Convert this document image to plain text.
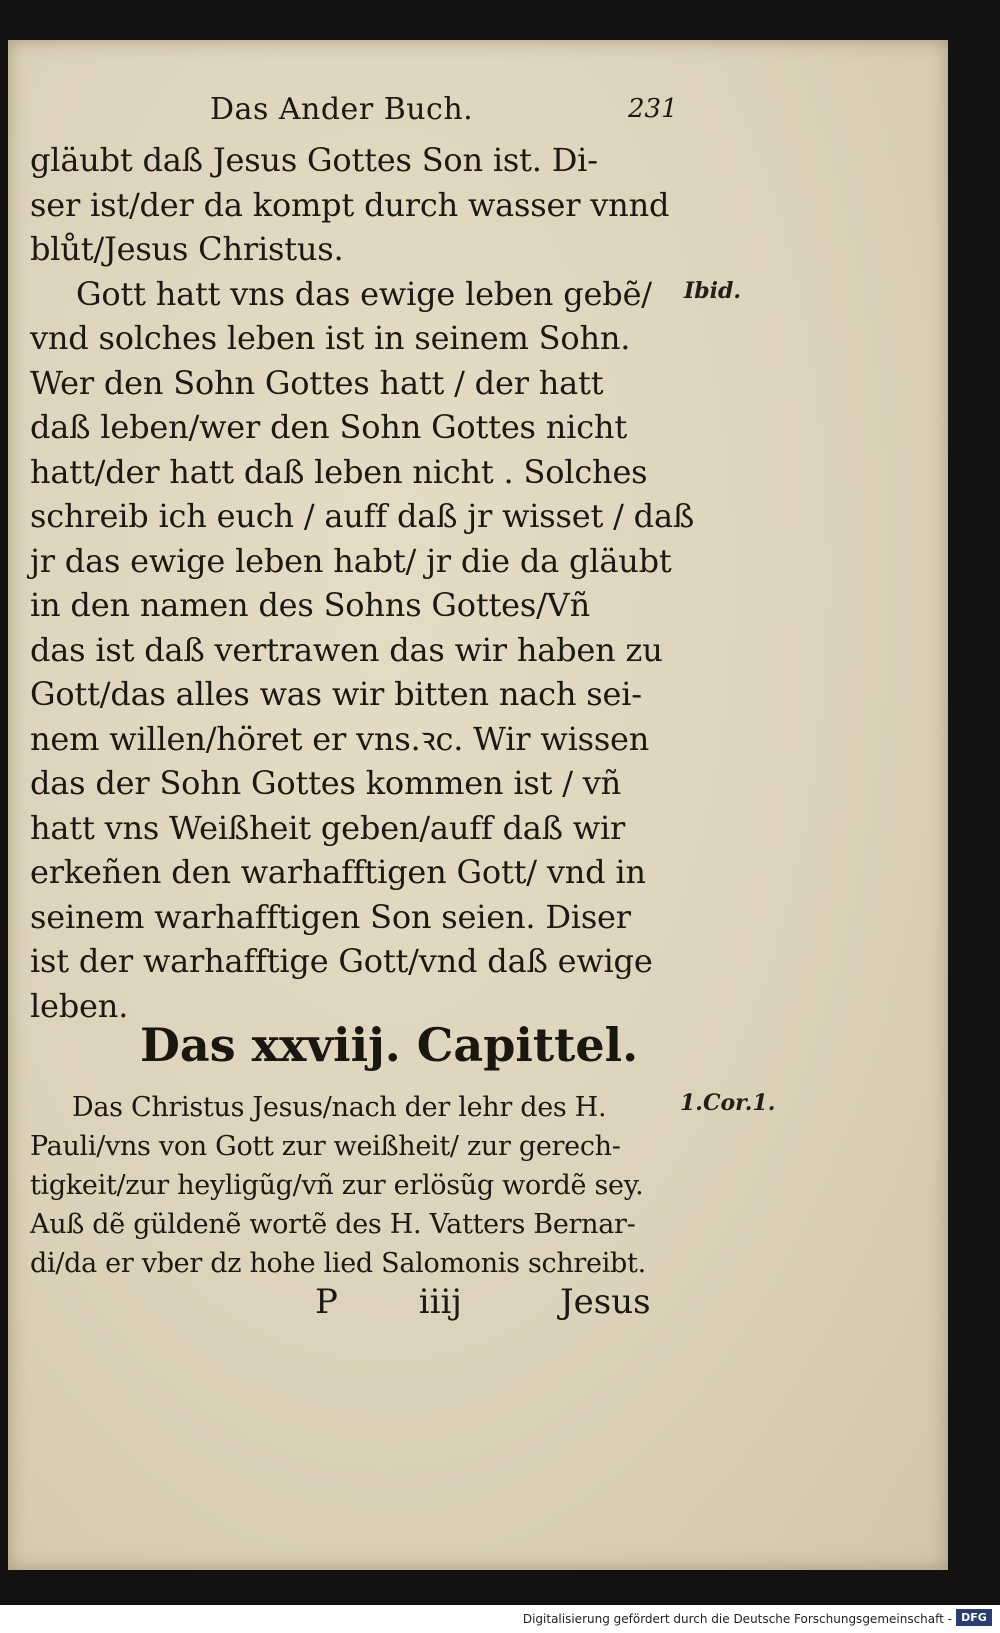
Das Ander Buch.	231
gläubt daß Jesus Gottes Son ist. Di-
ser ist/der da kompt durch wasser vnnd
blůt/Jesus Christus.
Gott hatt vns das ewige leben gebẽ/
vnd solches leben ist in seinem Sohn.
Wer den Sohn Gottes hatt / der hatt
daß leben/wer den Sohn Gottes nicht
hatt/der hatt daß leben nicht . Solches
schreib ich euch / auff daß jr wisset / daß
jr das ewige leben habt/ jr die da gläubt
in den namen des Sohns Gottes/Vñ
das ist daß vertrawen das wir haben zu
Gott/das alles was wir bitten nach sei-
nem willen/höret er vns.ꝛc. Wir wissen
das der Sohn Gottes kommen ist / vñ
hatt vns Weißheit geben/auff daß wir
erkeñen den warhafftigen Gott/ vnd in
seinem warhafftigen Son seien. Diser
ist der warhafftige Gott/vnd daß ewige
leben.
Ibid.
Das xxviij. Capittel.
Das Christus Jesus/nach der lehr des H.
Pauli/vns von Gott zur weißheit/ zur gerech-
tigkeit/zur heyligũg/vñ zur erlösũg wordẽ sey.
Auß dẽ güldenẽ wortẽ des H. Vatters Bernar-
di/da er vber dz hohe lied Salomonis schreibt.
1.Cor.1.
P iiij	Jesus
Digitalisierung gefördert durch die Deutsche Forschungsgemeinschaft - DFG
